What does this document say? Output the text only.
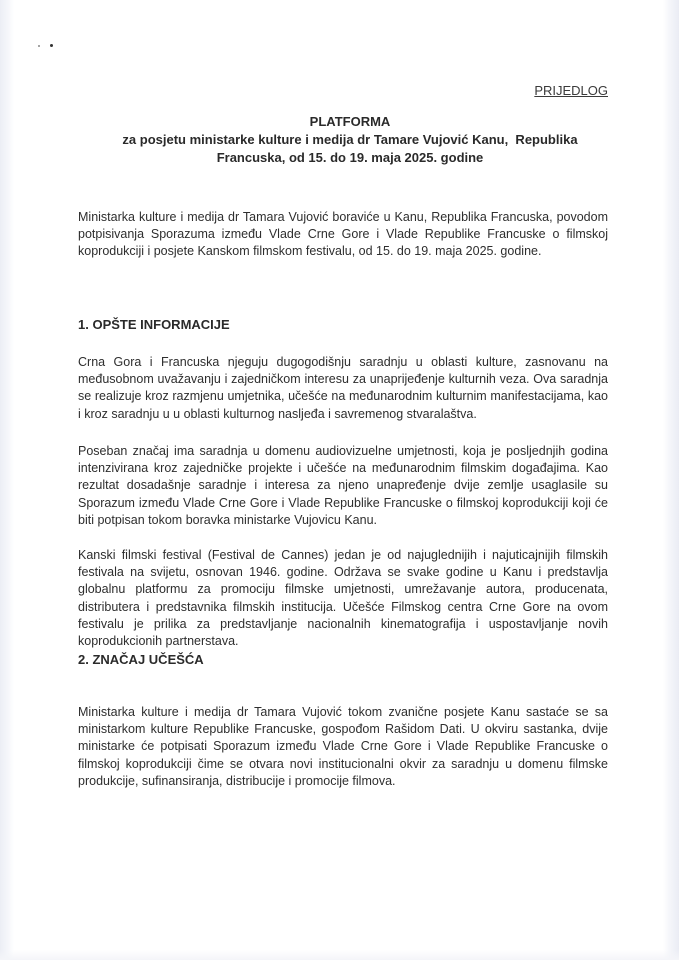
PRIJEDLOG
PLATFORMA
za posjetu ministarke kulture i medija dr Tamare Vujović Kanu,  Republika
Francuska, od 15. do 19. maja 2025. godine

Ministarka kulture i medija dr Tamara Vujović boraviće u Kanu, Republika Francuska, povodom potpisivanja Sporazuma između Vlade Crne Gore i Vlade Republike Francuske o filmskoj koprodukciji i posjete Kanskom filmskom festivalu, od 15. do 19. maja 2025. godine.

1. OPŠTE INFORMACIJE

Crna Gora i Francuska njeguju dugogodišnju saradnju u oblasti kulture, zasnovanu na međusobnom uvažavanju i zajedničkom interesu za unaprijeđenje kulturnih veza. Ova saradnja se realizuje kroz razmjenu umjetnika, učešće na međunarodnim kulturnim manifestacijama, kao i kroz saradnju u u oblasti kulturnog nasljeđa i savremenog stvaralaštva.

Poseban značaj ima saradnja u domenu audiovizuelne umjetnosti, koja je posljednjih godina intenzivirana kroz zajedničke projekte i učešće na međunarodnim filmskim događajima. Kao rezultat dosadašnje saradnje i interesa za njeno unapređenje dvije zemlje usaglasile su Sporazum između Vlade Crne Gore i Vlade Republike Francuske o filmskoj koprodukciji koji će biti potpisan tokom boravka ministarke Vujovicu Kanu.

Kanski filmski festival (Festival de Cannes) jedan je od najuglednijih i najuticajnijih filmskih festivala na svijetu, osnovan 1946. godine. Održava se svake godine u Kanu i predstavlja globalnu platformu za promociju filmske umjetnosti, umrežavanje autora, producenata, distributera i predstavnika filmskih institucija. Učešće Filmskog centra Crne Gore na ovom festivalu je prilika za predstavljanje nacionalnih kinematografija i uspostavljanje novih koprodukcionih partnerstava.

2. ZNAČAJ UČEŠĆA

Ministarka kulture i medija dr Tamara Vujović tokom zvanične posjete Kanu sastaće se sa ministarkom kulture Republike Francuske, gospođom Rašidom Dati. U okviru sastanka, dvije ministarke će potpisati Sporazum između Vlade Crne Gore i Vlade Republike Francuske o filmskoj koprodukciji čime se otvara novi institucionalni okvir za saradnju u domenu filmske produkcije, sufinansiranja, distribucije i promocije filmova.
